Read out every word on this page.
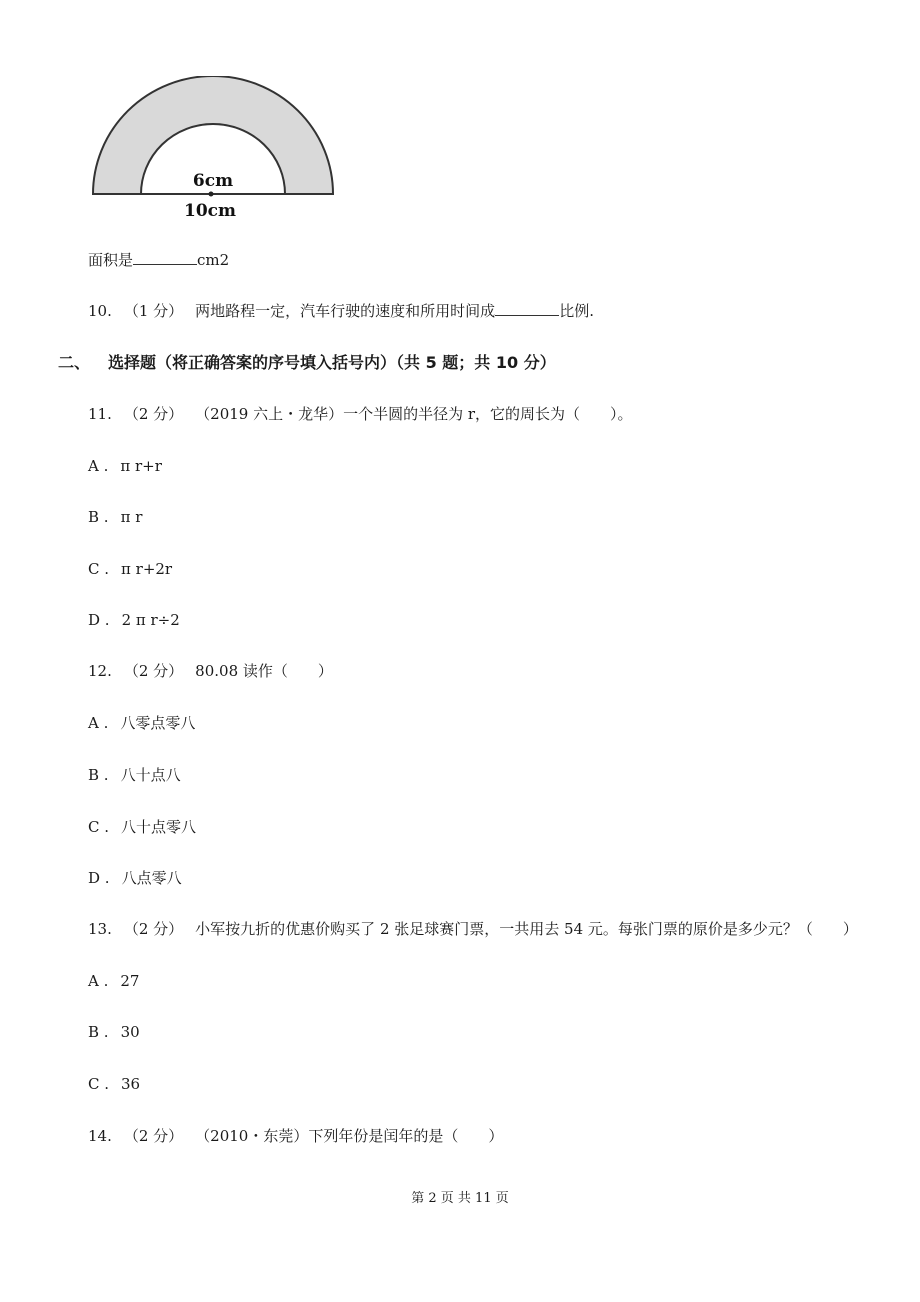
6cm
10cm
面积是	cm2
10. （1 分） 两地路程一定，汽车行驶的速度和所用时间成	比例.
二、 选择题（将正确答案的序号填入括号内）（共 5 题；共 10 分）
11. （2 分） （2019 六上・龙华）一个半圆的半径为 r，它的周长为（　　）。
A . π r+r
B . π r
C . π r+2r
D . 2 π r÷2
12. （2 分） 80.08 读作（　　）
A . 八零点零八
B . 八十点八
C . 八十点零八
D . 八点零八
13. （2 分） 小军按九折的优惠价购买了 2 张足球赛门票，一共用去 54 元。每张门票的原价是多少元？（　　）
A . 27
B . 30
C . 36
14. （2 分） （2010・东莞）下列年份是闰年的是（　　）
第 2 页 共 11 页
